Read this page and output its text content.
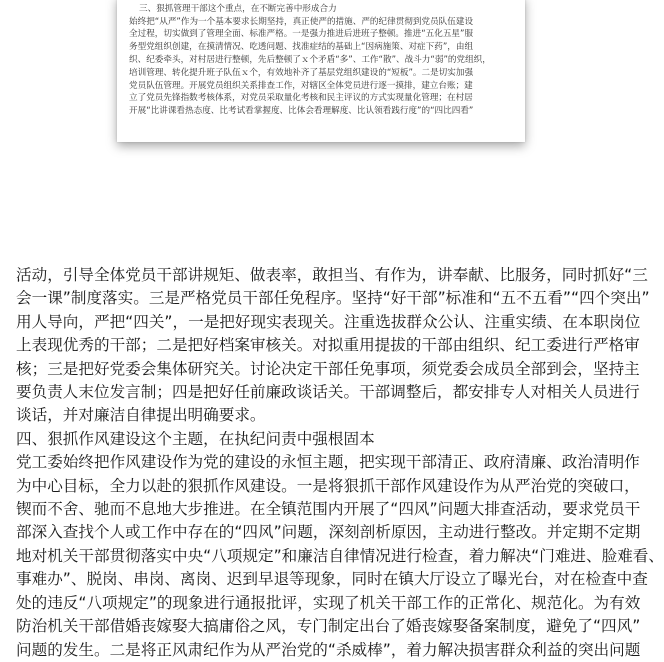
三、狠抓管理干部这个重点，在不断完善中形成合力

始终把“从严”作为一个基本要求长期坚持，真正使严的措施、严的纪律贯彻到党员队伍建设

全过程，切实做到了管理全面、标准严格。一是强力推进后进班子整顿。推进“五化五星”服

务型党组织创建，在摸清情况、吃透问题、找准症结的基础上“因病施策、对症下药”，由组

织、纪委牵头，对村居进行整顿，先后整顿了ｘ个矛盾“多”、工作“散”、战斗力“弱”的党组织，

培训管理、转化提升班子队伍ｘ个，有效地补齐了基层党组织建设的“短板”。二是切实加强

党员队伍管理。开展党员组织关系排查工作，对辖区全体党员进行逐一摸排，建立台账；建

立了党员先锋指数考核体系，对党员采取量化考核和民主评议的方式实现量化管理；在村居

开展“比讲课看热态度、比考试看掌握度、比体会看理解度、比认领看践行度”的“四比四看”

活动，引导全体党员干部讲规矩、做表率，敢担当、有作为，讲奉献、比服务，同时抓好“三

会一课”制度落实。三是严格党员干部任免程序。坚持“好干部”标准和“五不五看”“四个突出”

用人导向，严把“四关”，一是把好现实表现关。注重选拔群众公认、注重实绩、在本职岗位

上表现优秀的干部；二是把好档案审核关。对拟重用提拔的干部由组织、纪工委进行严格审

核；三是把好党委会集体研究关。讨论决定干部任免事项，须党委会成员全部到会，坚持主

要负责人末位发言制；四是把好任前廉政谈话关。干部调整后，都安排专人对相关人员进行

谈话，并对廉洁自律提出明确要求。

四、狠抓作风建设这个主题，在执纪问责中强根固本

党工委始终把作风建设作为党的建设的永恒主题，把实现干部清正、政府清廉、政治清明作

为中心目标，全力以赴的狠抓作风建设。一是将狠抓干部作风建设作为从严治党的突破口，

锲而不舍、驰而不息地大步推进。在全镇范围内开展了“四风”问题大排查活动，要求党员干

部深入查找个人或工作中存在的“四风”问题，深刻剖析原因，主动进行整改。并定期不定期

地对机关干部贯彻落实中央“八项规定”和廉洁自律情况进行检查，着力解决“门难进、脸难看、

事难办”、脱岗、串岗、离岗、迟到早退等现象，同时在镇大厅设立了曝光台，对在检查中查

处的违反“八项规定”的现象进行通报批评，实现了机关干部工作的正常化、规范化。为有效

防治机关干部借婚丧嫁娶大搞庸俗之风，专门制定出台了婚丧嫁娶备案制度，避免了“四风”

问题的发生。二是将正风肃纪作为从严治党的“杀威棒”，着力解决损害群众利益的突出问题
